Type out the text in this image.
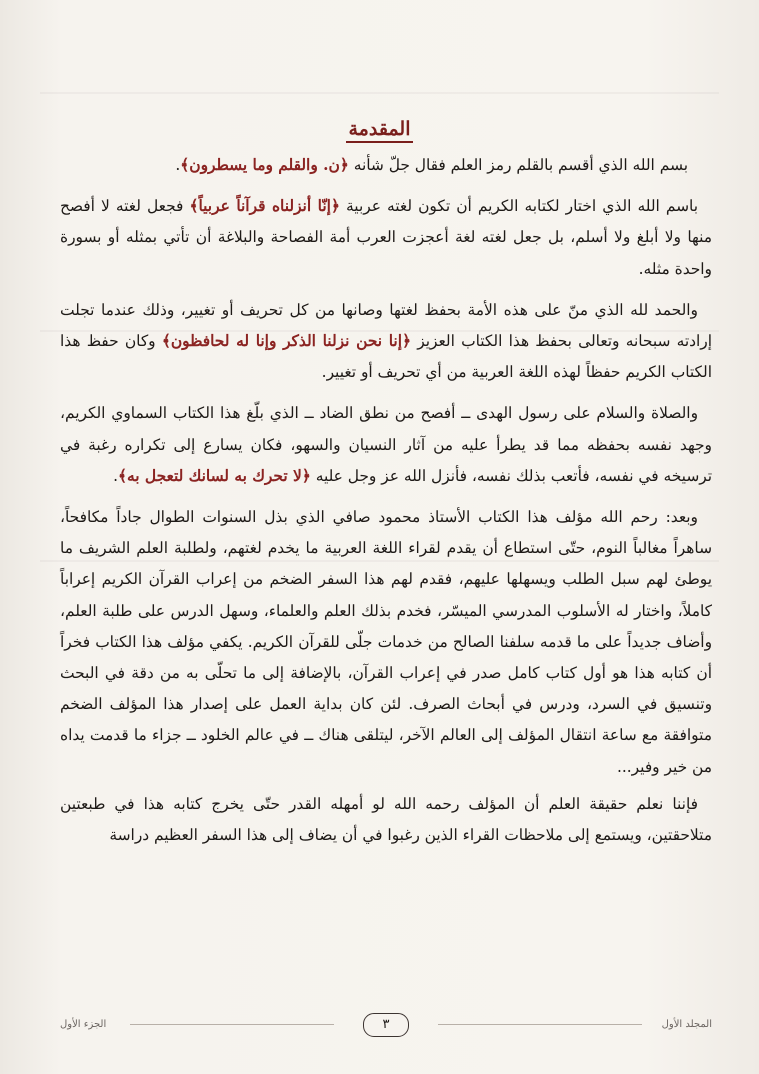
المقدمة

بسم الله الذي أقسم بالقلم رمز العلم فقال جلّ شأنه ﴿ن. والقلم وما يسطرون﴾.

باسم الله الذي اختار لكتابه الكريم أن تكون لغته عربية ﴿إنّا أنزلناه قرآناً عربياً﴾ فجعل لغته لا أفصح منها ولا أبلغ ولا أسلم، بل جعل لغته لغة أعجزت العرب أمة الفصاحة والبلاغة أن تأتي بمثله أو بسورة واحدة مثله.

والحمد لله الذي منّ على هذه الأمة بحفظ لغتها وصانها من كل تحريف أو تغيير، وذلك عندما تجلت إرادته سبحانه وتعالى بحفظ هذا الكتاب العزيز ﴿إنا نحن نزلنا الذكر وإنا له لحافظون﴾ وكان حفظ هذا الكتاب الكريم حفظاً لهذه اللغة العربية من أي تحريف أو تغيير.

والصلاة والسلام على رسول الهدى ــ أفصح من نطق الضاد ــ الذي بلّغ هذا الكتاب السماوي الكريم، وجهد نفسه بحفظه مما قد يطرأ عليه من آثار النسيان والسهو، فكان يسارع إلى تكراره رغبة في ترسيخه في نفسه، فأتعب بذلك نفسه، فأنزل الله عز وجل عليه ﴿لا تحرك به لسانك لتعجل به﴾.

وبعد: رحم الله مؤلف هذا الكتاب الأستاذ محمود صافي الذي بذل السنوات الطوال جاداً مكافحاً، ساهراً مغالباً النوم، حتّى استطاع أن يقدم لقراء اللغة العربية ما يخدم لغتهم، ولطلبة العلم الشريف ما يوطئ لهم سبل الطلب ويسهلها عليهم، فقدم لهم هذا السفر الضخم من إعراب القرآن الكريم إعراباً كاملاً، واختار له الأسلوب المدرسي الميسّر، فخدم بذلك العلم والعلماء، وسهل الدرس على طلبة العلم، وأضاف جديداً على ما قدمه سلفنا الصالح من خدمات جلّى للقرآن الكريم. يكفي مؤلف هذا الكتاب فخراً أن كتابه هذا هو أول كتاب كامل صدر في إعراب القرآن، بالإضافة إلى ما تحلّى به من دقة في البحث وتنسيق في السرد، ودرس في أبحاث الصرف. لئن كان بداية العمل على إصدار هذا المؤلف الضخم متوافقة مع ساعة انتقال المؤلف إلى العالم الآخر، ليتلقى هناك ــ في عالم الخلود ــ جزاء ما قدمت يداه من خير وفير...

فإننا نعلم حقيقة العلم أن المؤلف رحمه الله لو أمهله القدر حتّى يخرج كتابه هذا في طبعتين متلاحقتين، ويستمع إلى ملاحظات القراء الذين رغبوا في أن يضاف إلى هذا السفر العظيم دراسة

الجزء الأول	٣	المجلد الأول
